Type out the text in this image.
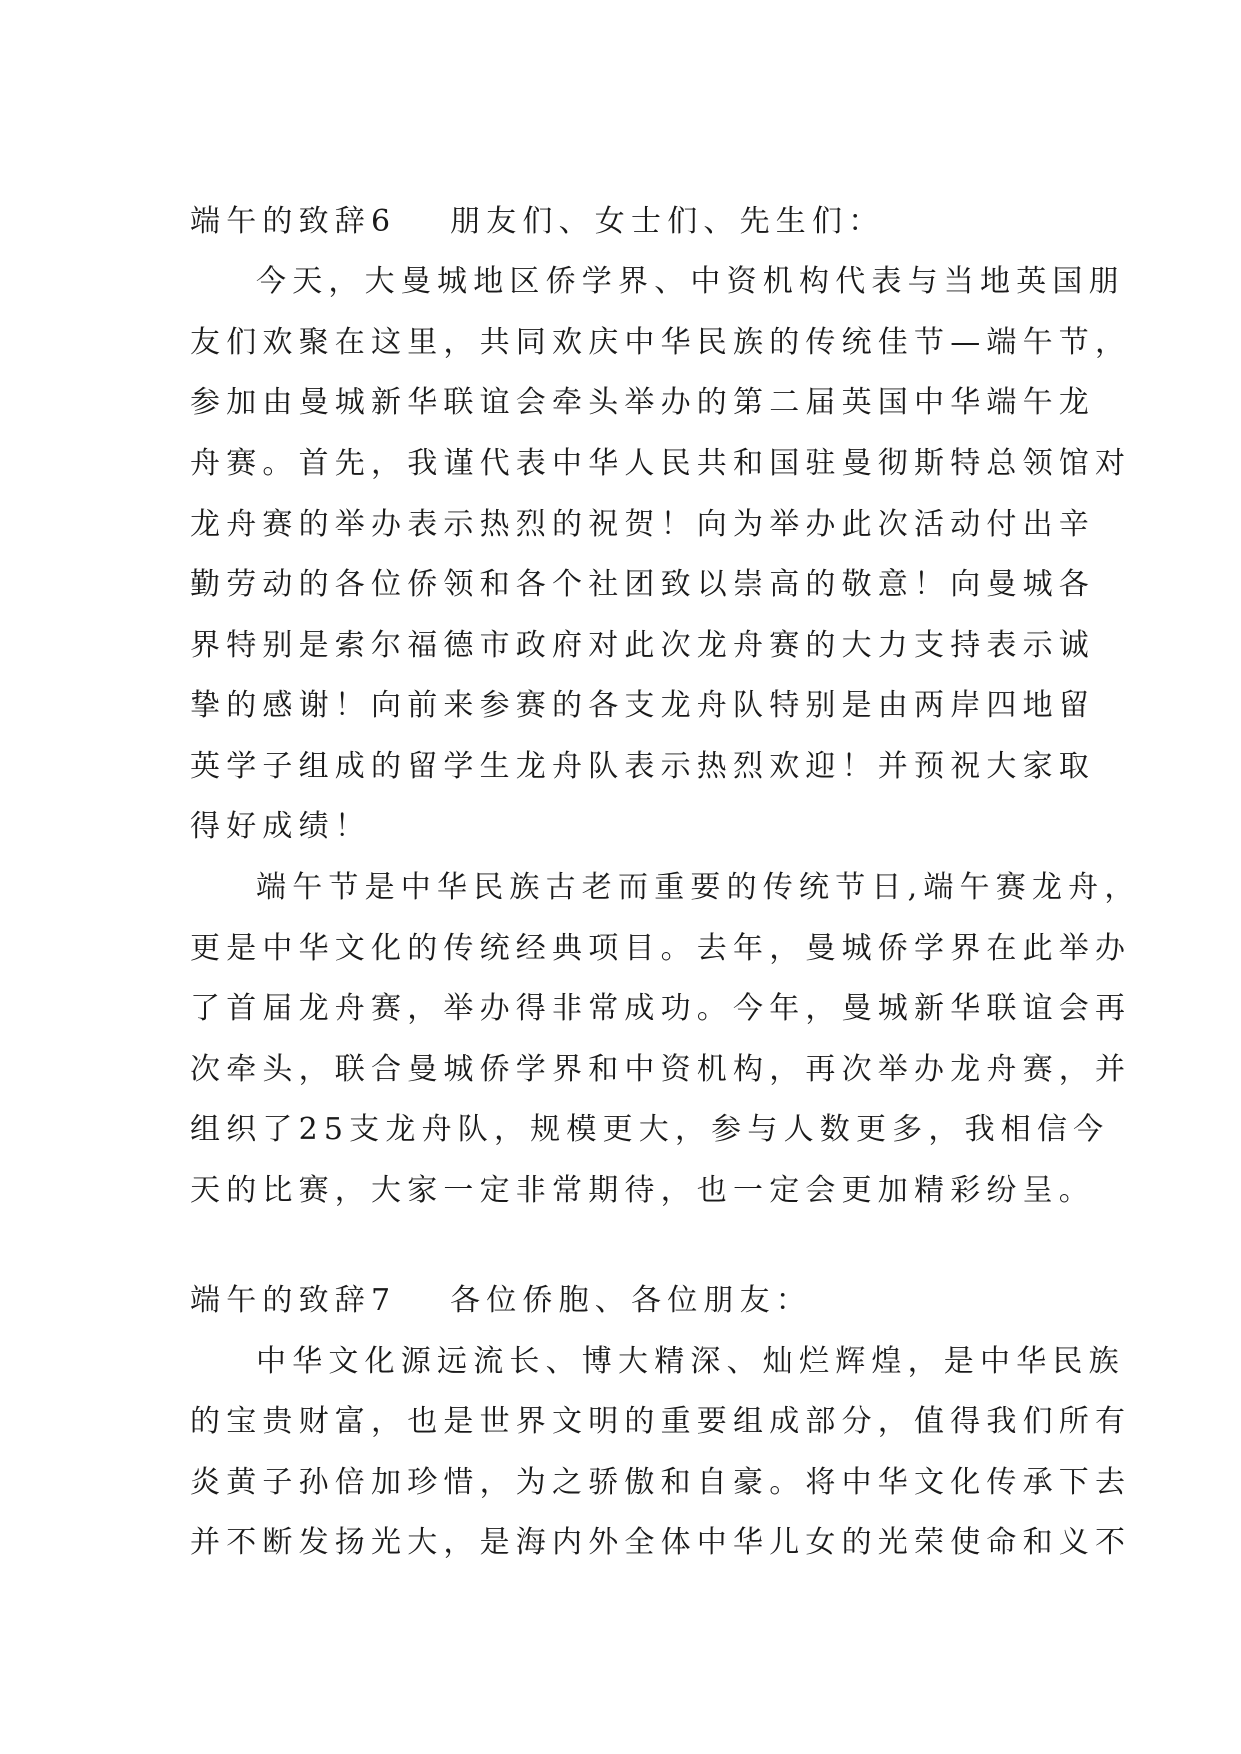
端午的致辞6	朋友们、女士们、先生们：
今天，大曼城地区侨学界、中资机构代表与当地英国朋
友们欢聚在这里，共同欢庆中华民族的传统佳节—端午节，
参加由曼城新华联谊会牵头举办的第二届英国中华端午龙
舟赛。首先，我谨代表中华人民共和国驻曼彻斯特总领馆对
龙舟赛的举办表示热烈的祝贺！向为举办此次活动付出辛
勤劳动的各位侨领和各个社团致以崇高的敬意！向曼城各
界特别是索尔福德市政府对此次龙舟赛的大力支持表示诚
挚的感谢！向前来参赛的各支龙舟队特别是由两岸四地留
英学子组成的留学生龙舟队表示热烈欢迎！并预祝大家取
得好成绩！
端午节是中华民族古老而重要的传统节日,端午赛龙舟，
更是中华文化的传统经典项目。去年，曼城侨学界在此举办
了首届龙舟赛，举办得非常成功。今年，曼城新华联谊会再
次牵头，联合曼城侨学界和中资机构，再次举办龙舟赛，并
组织了25支龙舟队，规模更大，参与人数更多，我相信今
天的比赛，大家一定非常期待，也一定会更加精彩纷呈。
端午的致辞7	各位侨胞、各位朋友：
中华文化源远流长、博大精深、灿烂辉煌，是中华民族
的宝贵财富，也是世界文明的重要组成部分，值得我们所有
炎黄子孙倍加珍惜，为之骄傲和自豪。将中华文化传承下去
并不断发扬光大，是海内外全体中华儿女的光荣使命和义不
